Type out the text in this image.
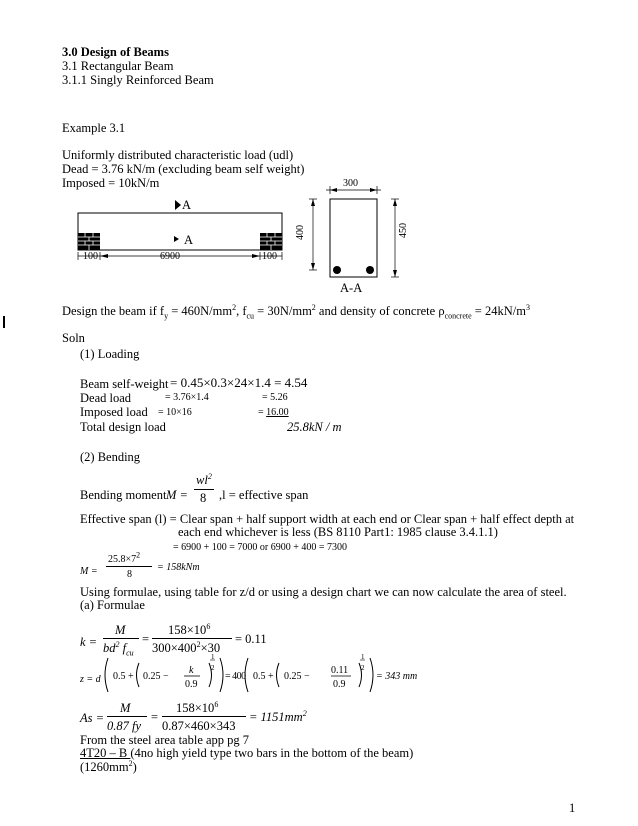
3.0 Design of Beams
3.1 Rectangular Beam
3.1.1 Singly Reinforced Beam
Example 3.1
Uniformly distributed characteristic load (udl)
Dead = 3.76 kN/m (excluding beam self weight)
Imposed = 10kN/m
A
A
100	6900	100
300
400	450
A-A
Design the beam if $f_y = 460N/mm^2$, $f_{cu} = 30N/mm^2$ and density of concrete $\rho_{concrete} = 24kN/m^3$
Soln
(1) Loading
Beam self-weight = 0.45×0.3×24×1.4 = 4.54
Dead load	= 3.76×1.4	= 5.26
Imposed load = 10×16	= 16.00
Total design load	25.8kN / m
(2) Bending
Bending moment M =
$wl^2$
8 ,l = effective span
Effective span (l) = Clear span + half support width at each end or Clear span + half effect depth at
each end whichever is less (BS 8110 Part1: 1985 clause 3.4.1.1)
= 6900 + 100 = 7000 or 6900 + 400 = 7300
M =
$25.8\times 7^2$
8
= 158kNm
Using formulae, using table for z/d or using a design chart we can now calculate the area of steel.
(a) Formulae
k =
M
$bd^2$ $f_{cu}$
=
$158\times 10^6$
$300\times 400^2\times 30$
= 0.11
z = d 0.5 + 0.25 −
k
0.9
1
2
= 400 0.5 + 0.25 −
0.11
0.9
1
2
= 343 mm
As =
M
0.87 fy
=
$158\times 10^6$
0.87×460×343
= $1151mm^2$
From the steel area table app pg 7
4T20 – B (4no high yield type two bars in the bottom of the beam)
$(1260mm^2)$
1
